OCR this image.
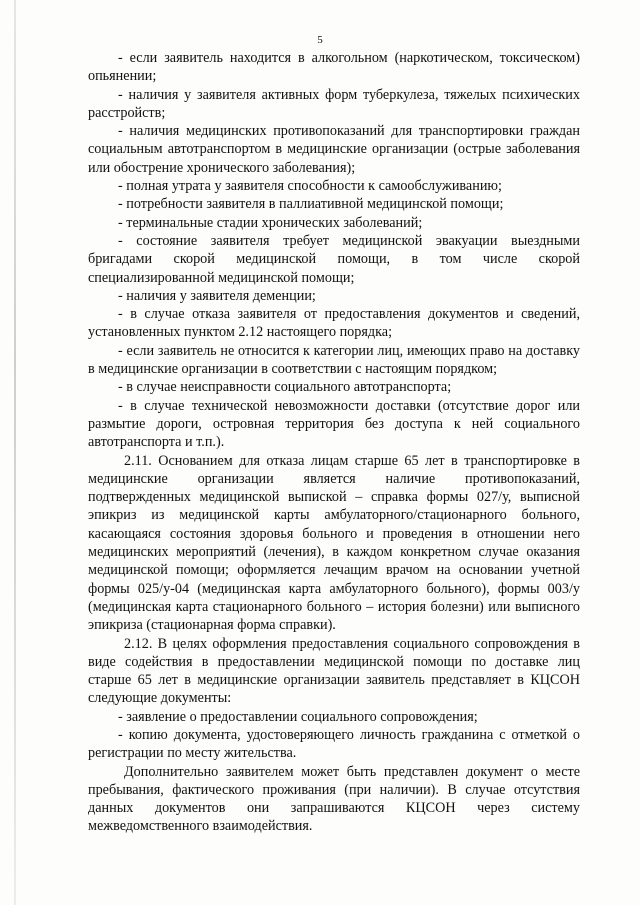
5

- если заявитель находится в алкогольном (наркотическом, токсическом) опьянении;

- наличия у заявителя активных форм туберкулеза, тяжелых психических расстройств;

- наличия медицинских противопоказаний для транспортировки граждан социальным автотранспортом в медицинские организации (острые заболевания или обострение хронического заболевания);

- полная утрата у заявителя способности к самообслуживанию;

- потребности заявителя в паллиативной медицинской помощи;

- терминальные стадии хронических заболеваний;

- состояние заявителя требует медицинской эвакуации выездными бригадами скорой медицинской помощи, в том числе скорой специализированной медицинской помощи;

- наличия у заявителя деменции;

- в случае отказа заявителя от предоставления документов и сведений, установленных пунктом 2.12 настоящего порядка;

- если заявитель не относится к категории лиц, имеющих право на доставку в медицинские организации в соответствии с настоящим порядком;

- в случае неисправности социального автотранспорта;

- в случае технической невозможности доставки (отсутствие дорог или размытие дороги, островная территория без доступа к ней социального автотранспорта и т.п.).

2.11. Основанием для отказа лицам старше 65 лет в транспортировке в медицинские организации является наличие противопоказаний, подтвержденных медицинской выпиской – справка формы 027/у, выписной эпикриз из медицинской карты амбулаторного/стационарного больного, касающаяся состояния здоровья больного и проведения в отношении него медицинских мероприятий (лечения), в каждом конкретном случае оказания медицинской помощи; оформляется лечащим врачом на основании учетной формы 025/у-04 (медицинская карта амбулаторного больного), формы 003/у (медицинская карта стационарного больного – история болезни) или выписного эпикриза (стационарная форма справки).

2.12. В целях оформления предоставления социального сопровождения в виде содействия в предоставлении медицинской помощи по доставке лиц старше 65 лет в медицинские организации заявитель представляет в КЦСОН следующие документы:

- заявление о предоставлении социального сопровождения;

- копию документа, удостоверяющего личность гражданина с отметкой о регистрации по месту жительства.

Дополнительно заявителем может быть представлен документ о месте пребывания, фактического проживания (при наличии). В случае отсутствия данных документов они запрашиваются КЦСОН через систему межведомственного взаимодействия.
